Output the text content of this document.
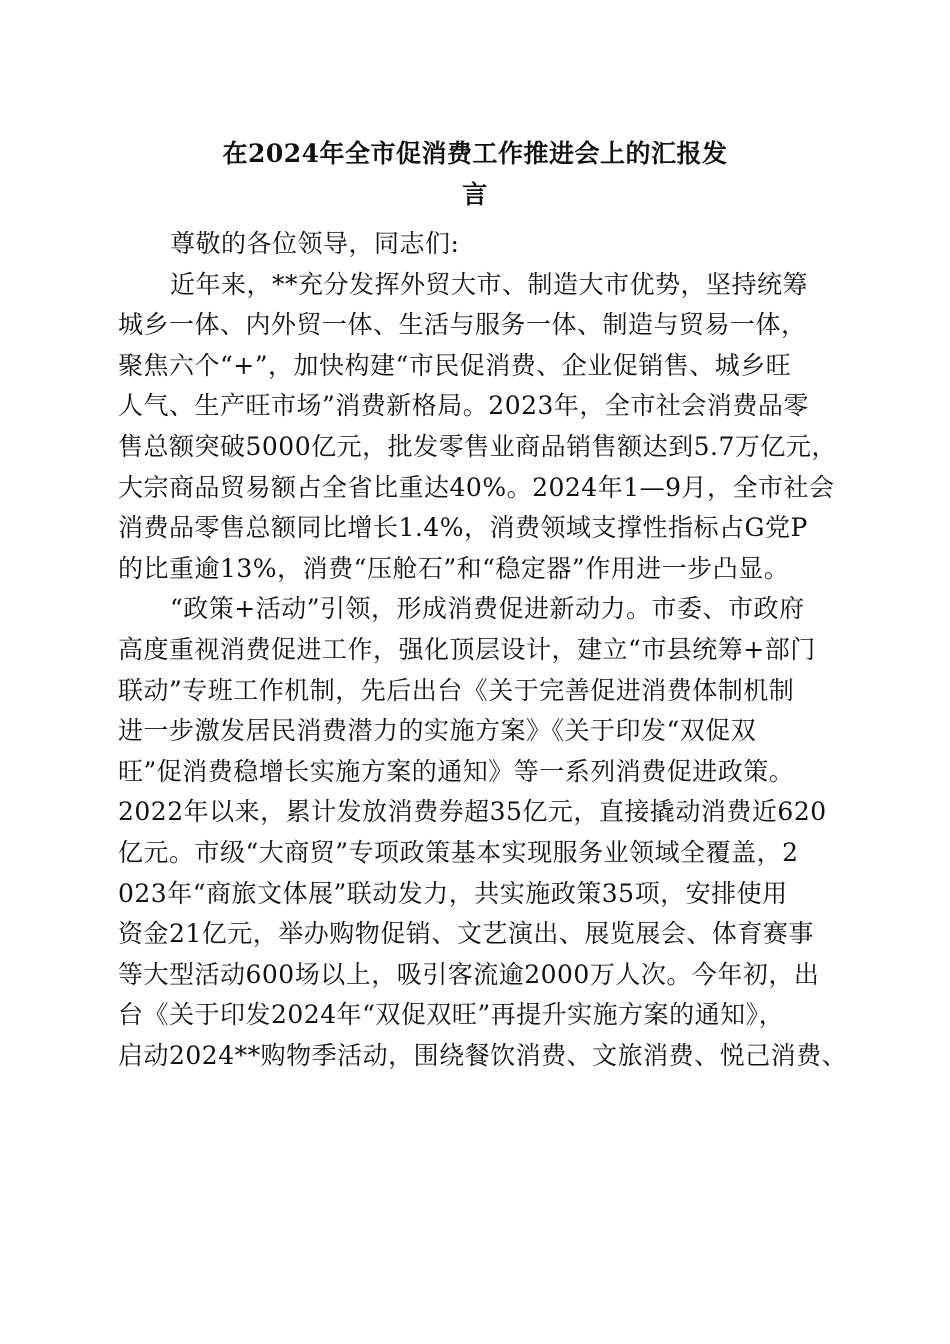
在2024年全市促消费工作推进会上的汇报发
言

尊敬的各位领导，同志们:

近年来，**充分发挥外贸大市、制造大市优势，坚持统筹
城乡一体、内外贸一体、生活与服务一体、制造与贸易一体，
聚焦六个“+”，加快构建“市民促消费、企业促销售、城乡旺
人气、生产旺市场”消费新格局。2023年，全市社会消费品零
售总额突破5000亿元，批发零售业商品销售额达到5.7万亿元，
大宗商品贸易额占全省比重达40%。2024年1—9月，全市社会
消费品零售总额同比增长1.4%，消费领域支撑性指标占G党P
的比重逾13%，消费“压舱石”和“稳定器”作用进一步凸显。

“政策+活动”引领，形成消费促进新动力。市委、市政府
高度重视消费促进工作，强化顶层设计，建立“市县统筹+部门
联动”专班工作机制，先后出台《关于完善促进消费体制机制
进一步激发居民消费潜力的实施方案》《关于印发“双促双
旺”促消费稳增长实施方案的通知》等一系列消费促进政策。
2022年以来，累计发放消费券超35亿元，直接撬动消费近620
亿元。市级“大商贸”专项政策基本实现服务业领域全覆盖，2
023年“商旅文体展”联动发力，共实施政策35项，安排使用
资金21亿元，举办购物促销、文艺演出、展览展会、体育赛事
等大型活动600场以上，吸引客流逾2000万人次。今年初，出
台《关于印发2024年“双促双旺”再提升实施方案的通知》，
启动2024**购物季活动，围绕餐饮消费、文旅消费、悦己消费、
